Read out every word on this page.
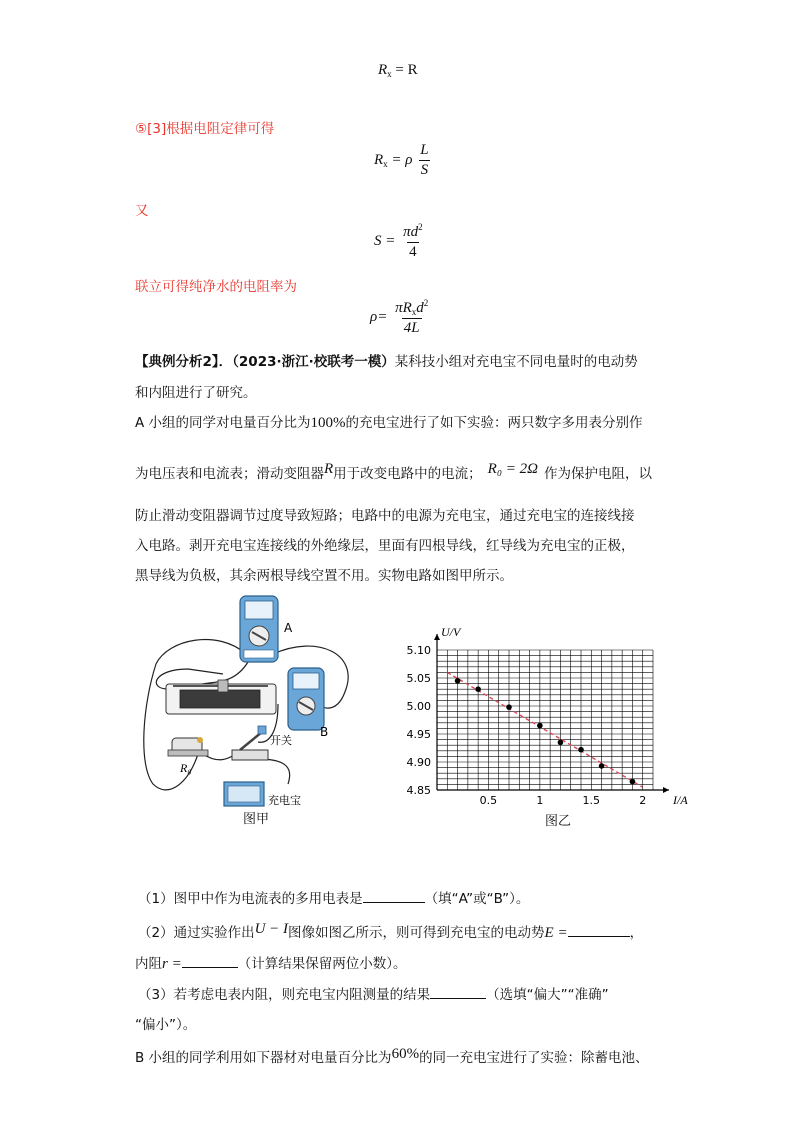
$R_x = R$
⑤[3]根据电阻定律可得
$R_x = \rho \frac{L}{S}$
又
$S = \frac{\pi d^2}{4}$
联立可得纯净水的电阻率为
$\rho= \frac{\pi R_xd^2}{4L}$
【典例分析2】．（2023·浙江·校联考一模）某科技小组对充电宝不同电量时的电动势
和内阻进行了研究。
A 小组的同学对电量百分比为100%的充电宝进行了如下实验：两只数字多用表分别作
为电压表和电流表；滑动变阻器R用于改变电路中的电流； R₀ = 2Ω 作为保护电阻，以
防止滑动变阻器调节过度导致短路；电路中的电源为充电宝，通过充电宝的连接线接
入电路。剥开充电宝连接线的外绝缘层，里面有四根导线，红导线为充电宝的正极，
黑导线为负极，其余两根导线空置不用。实物电路如图甲所示。
A
B
R₀
开关
充电宝
图甲
5.10
5.05
5.00
4.95
4.90
4.85
0.5	1	1.5	2
U/V
I/A
图乙
（1）图甲中作为电流表的多用电表是	（填“A”或“B”）。
（2）通过实验作出U − I图像如图乙所示，则可得到充电宝的电动势E =	，
内阻r =	（计算结果保留两位小数）。
（3）若考虑电表内阻，则充电宝内阻测量的结果	（选填“偏大”“准确”
“偏小”）。
B 小组的同学利用如下器材对电量百分比为60%的同一充电宝进行了实验：除蓄电池、
